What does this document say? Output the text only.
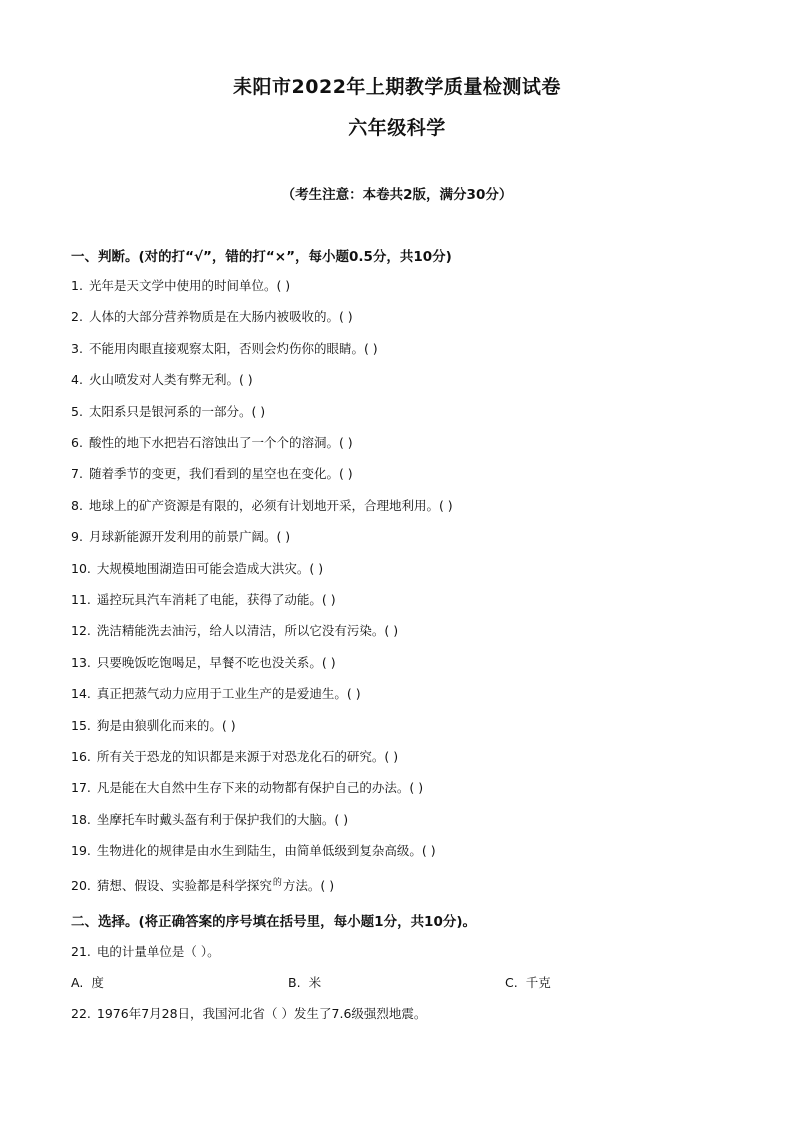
耒阳市2022年上期教学质量检测试卷
六年级科学
（考生注意：本卷共2版，满分30分）
一、判断。(对的打“√”，错的打“×”，每小题0.5分，共10分)
1. 光年是天文学中使用的时间单位。( )
2. 人体的大部分营养物质是在大肠内被吸收的。( )
3. 不能用肉眼直接观察太阳，否则会灼伤你的眼睛。( )
4. 火山喷发对人类有弊无利。( )
5. 太阳系只是银河系的一部分。( )
6. 酸性的地下水把岩石溶蚀出了一个个的溶洞。( )
7. 随着季节的变更，我们看到的星空也在变化。( )
8. 地球上的矿产资源是有限的，必须有计划地开采，合理地利用。( )
9. 月球新能源开发利用的前景广阔。( )
10. 大规模地围湖造田可能会造成大洪灾。( )
11. 遥控玩具汽车消耗了电能，获得了动能。( )
12. 洗洁精能洗去油污，给人以清洁，所以它没有污染。( )
13. 只要晚饭吃饱喝足，早餐不吃也没关系。( )
14. 真正把蒸气动力应用于工业生产的是爱迪生。( )
15. 狗是由狼驯化而来的。( )
16. 所有关于恐龙的知识都是来源于对恐龙化石的研究。( )
17. 凡是能在大自然中生存下来的动物都有保护自己的办法。( )
18. 坐摩托车时戴头盔有利于保护我们的大脑。( )
19. 生物进化的规律是由水生到陆生，由简单低级到复杂高级。( )
20. 猜想、假设、实验都是科学探究$^的$方法。( )
二、选择。(将正确答案的序号填在括号里，每小题1分，共10分)。
21. 电的计量单位是（ ）。
A. 度	B. 米	C. 千克
22. 1976年7月28日，我国河北省（ ）发生了7.6级强烈地震。
